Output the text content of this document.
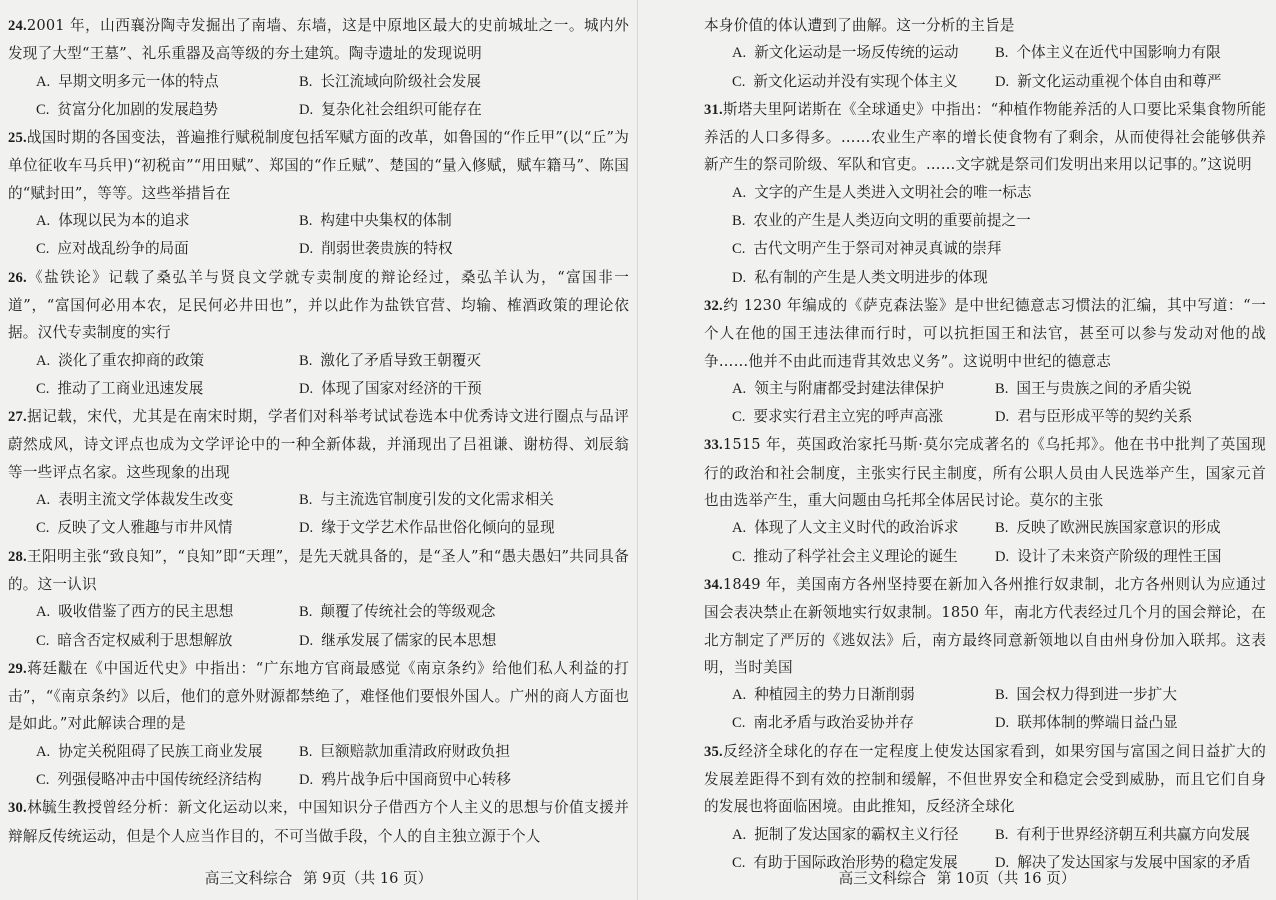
24.2001 年，山西襄汾陶寺发掘出了南墙、东墙，这是中原地区最大的史前城址之一。城内外发现了大型“王墓”、礼乐重器及高等级的夯土建筑。陶寺遗址的发现说明

A. 早期文明多元一体的特点	B. 长江流域向阶级社会发展
C. 贫富分化加剧的发展趋势	D. 复杂化社会组织可能存在

25.战国时期的各国变法，普遍推行赋税制度包括军赋方面的改革，如鲁国的“作丘甲”(以“丘”为单位征收车马兵甲)“初税亩”“用田赋”、郑国的“作丘赋”、楚国的“量入修赋，赋车籍马”、陈国的“赋封田”，等等。这些举措旨在

A. 体现以民为本的追求	B. 构建中央集权的体制
C. 应对战乱纷争的局面	D. 削弱世袭贵族的特权

26.《盐铁论》记载了桑弘羊与贤良文学就专卖制度的辩论经过，桑弘羊认为，“富国非一道”，“富国何必用本农，足民何必井田也”，并以此作为盐铁官营、均输、榷酒政策的理论依据。汉代专卖制度的实行

A. 淡化了重农抑商的政策	B. 激化了矛盾导致王朝覆灭
C. 推动了工商业迅速发展	D. 体现了国家对经济的干预

27.据记载，宋代，尤其是在南宋时期，学者们对科举考试试卷选本中优秀诗文进行圈点与品评蔚然成风，诗文评点也成为文学评论中的一种全新体裁，并涌现出了吕祖谦、谢枋得、刘辰翁等一些评点名家。这些现象的出现

A. 表明主流文学体裁发生改变	B. 与主流选官制度引发的文化需求相关
C. 反映了文人雅趣与市井风情	D. 缘于文学艺术作品世俗化倾向的显现

28.王阳明主张“致良知”，“良知”即“天理”，是先天就具备的，是“圣人”和“愚夫愚妇”共同具备的。这一认识

A. 吸收借鉴了西方的民主思想	B. 颠覆了传统社会的等级观念
C. 暗含否定权威利于思想解放	D. 继承发展了儒家的民本思想

29.蒋廷黻在《中国近代史》中指出：“广东地方官商最感觉《南京条约》给他们私人利益的打击”，“《南京条约》以后，他们的意外财源都禁绝了，难怪他们要恨外国人。广州的商人方面也是如此。”对此解读合理的是

A. 协定关税阻碍了民族工商业发展	B. 巨额赔款加重清政府财政负担
C. 列强侵略冲击中国传统经济结构	D. 鸦片战争后中国商贸中心转移

30.林毓生教授曾经分析：新文化运动以来，中国知识分子借西方个人主义的思想与价值支援并辩解反传统运动，但是个人应当作目的，不可当做手段，个人的自主独立源于个人

高三文科综合 第 9页（共 16 页）

本身价值的体认遭到了曲解。这一分析的主旨是

A. 新文化运动是一场反传统的运动	B. 个体主义在近代中国影响力有限
C. 新文化运动并没有实现个体主义	D. 新文化运动重视个体自由和尊严

31.斯塔夫里阿诺斯在《全球通史》中指出：“种植作物能养活的人口要比采集食物所能养活的人口多得多。……农业生产率的增长使食物有了剩余，从而使得社会能够供养新产生的祭司阶级、军队和官吏。……文字就是祭司们发明出来用以记事的。”这说明

A. 文字的产生是人类进入文明社会的唯一标志
B. 农业的产生是人类迈向文明的重要前提之一
C. 古代文明产生于祭司对神灵真诚的崇拜
D. 私有制的产生是人类文明进步的体现

32.约 1230 年编成的《萨克森法鉴》是中世纪德意志习惯法的汇编，其中写道：“一个人在他的国王违法律而行时，可以抗拒国王和法官，甚至可以参与发动对他的战争……他并不由此而违背其效忠义务”。这说明中世纪的德意志

A. 领主与附庸都受封建法律保护	B. 国王与贵族之间的矛盾尖锐
C. 要求实行君主立宪的呼声高涨	D. 君与臣形成平等的契约关系

33.1515 年，英国政治家托马斯·莫尔完成著名的《乌托邦》。他在书中批判了英国现行的政治和社会制度，主张实行民主制度，所有公职人员由人民选举产生，国家元首也由选举产生，重大问题由乌托邦全体居民讨论。莫尔的主张

A. 体现了人文主义时代的政治诉求	B. 反映了欧洲民族国家意识的形成
C. 推动了科学社会主义理论的诞生	D. 设计了未来资产阶级的理性王国

34.1849 年，美国南方各州坚持要在新加入各州推行奴隶制，北方各州则认为应通过国会表决禁止在新领地实行奴隶制。1850 年，南北方代表经过几个月的国会辩论，在北方制定了严厉的《逃奴法》后，南方最终同意新领地以自由州身份加入联邦。这表明，当时美国

A. 种植园主的势力日渐削弱	B. 国会权力得到进一步扩大
C. 南北矛盾与政治妥协并存	D. 联邦体制的弊端日益凸显

35.反经济全球化的存在一定程度上使发达国家看到，如果穷国与富国之间日益扩大的发展差距得不到有效的控制和缓解，不但世界安全和稳定会受到威胁，而且它们自身的发展也将面临困境。由此推知，反经济全球化

A. 扼制了发达国家的霸权主义行径	B. 有利于世界经济朝互利共赢方向发展
C. 有助于国际政治形势的稳定发展	D. 解决了发达国家与发展中国家的矛盾
高三文科综合 第 10页（共 16 页）
